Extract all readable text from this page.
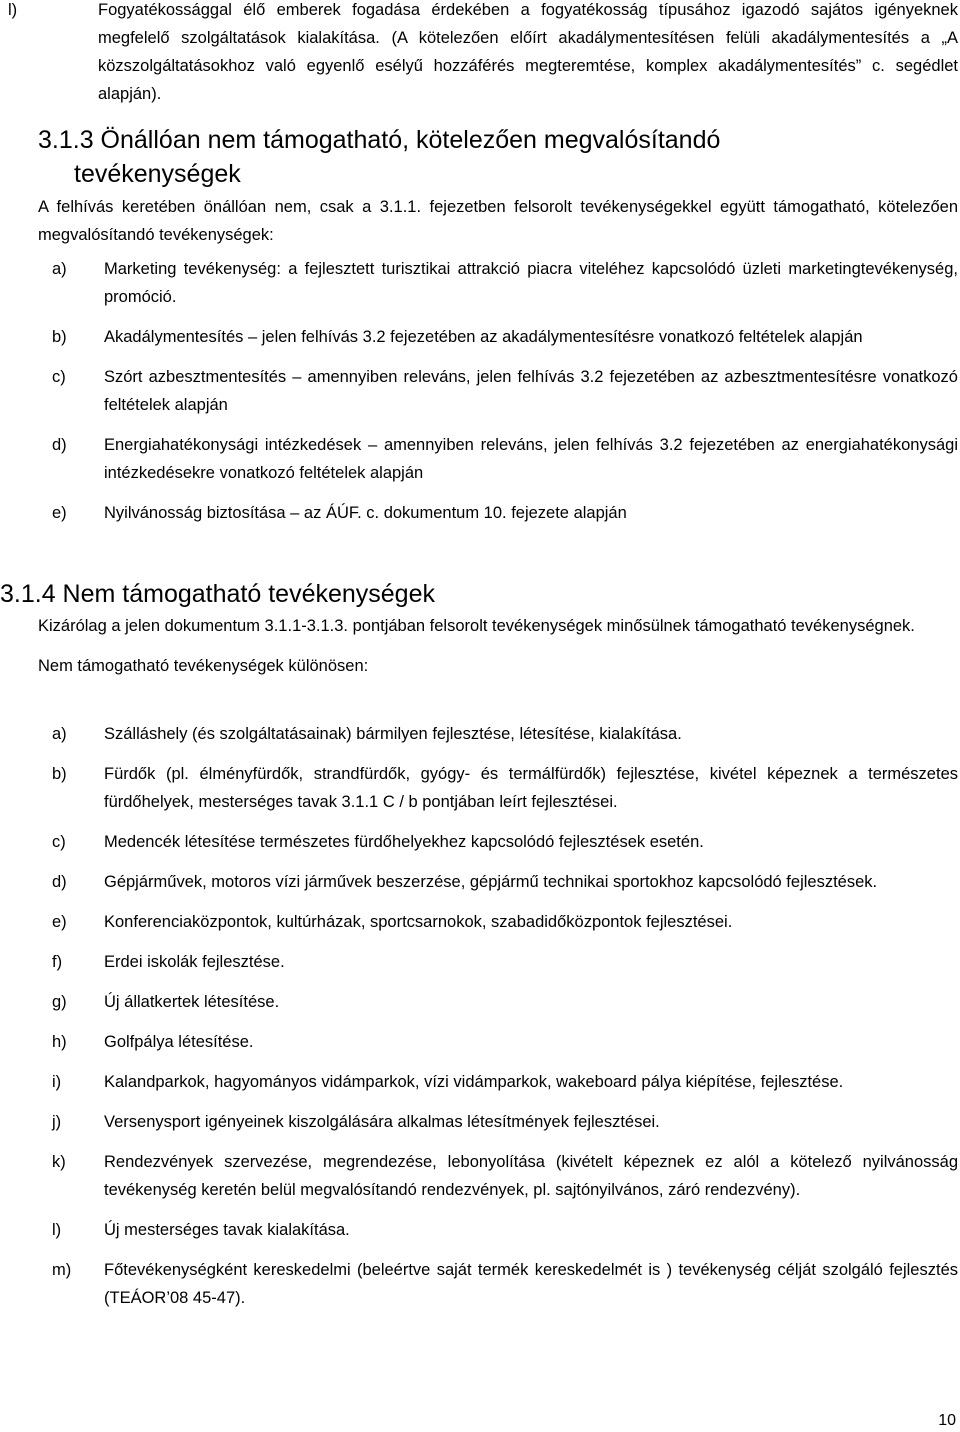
l)	Fogyatékossággal élő emberek fogadása érdekében a fogyatékosság típusához igazodó sajátos igényeknek megfelelő szolgáltatások kialakítása. (A kötelezően előírt akadálymentesítésen felüli akadálymentesítés a „A közszolgáltatásokhoz való egyenlő esélyű hozzáférés megteremtése, komplex akadálymentesítés” c. segédlet alapján).
3.1.3 Önállóan nem támogatható, kötelezően megvalósítandó
tevékenységek

A felhívás keretében önállóan nem, csak a 3.1.1. fejezetben felsorolt tevékenységekkel együtt támogatható, kötelezően megvalósítandó tevékenységek:

a)	Marketing tevékenység: a fejlesztett turisztikai attrakció piacra viteléhez kapcsolódó üzleti marketingtevékenység, promóció.
b)	Akadálymentesítés – jelen felhívás 3.2 fejezetében az akadálymentesítésre vonatkozó feltételek alapján
c)	Szórt azbesztmentesítés – amennyiben releváns, jelen felhívás 3.2 fejezetében az azbesztmentesítésre vonatkozó feltételek alapján
d)	Energiahatékonysági intézkedések – amennyiben releváns, jelen felhívás 3.2 fejezetében az energiahatékonysági intézkedésekre vonatkozó feltételek alapján
e)	Nyilvánosság biztosítása – az ÁÚF. c. dokumentum 10. fejezete alapján
3.1.4 Nem támogatható tevékenységek

Kizárólag a jelen dokumentum 3.1.1-3.1.3. pontjában felsorolt tevékenységek minősülnek támogatható tevékenységnek.

Nem támogatható tevékenységek különösen:

a)	Szálláshely (és szolgáltatásainak) bármilyen fejlesztése, létesítése, kialakítása.
b)	Fürdők (pl. élményfürdők, strandfürdők, gyógy- és termálfürdők) fejlesztése, kivétel képeznek a természetes fürdőhelyek, mesterséges tavak 3.1.1 C / b pontjában leírt fejlesztései.
c)	Medencék létesítése természetes fürdőhelyekhez kapcsolódó fejlesztések esetén.
d)	Gépjárművek, motoros vízi járművek beszerzése, gépjármű technikai sportokhoz kapcsolódó fejlesztések.
e)	Konferenciaközpontok, kultúrházak, sportcsarnokok, szabadidőközpontok fejlesztései.
f)	Erdei iskolák fejlesztése.
g)	Új állatkertek létesítése.
h)	Golfpálya létesítése.
i)	Kalandparkok, hagyományos vidámparkok, vízi vidámparkok, wakeboard pálya kiépítése, fejlesztése.
j)	Versenysport igényeinek kiszolgálására alkalmas létesítmények fejlesztései.
k)	Rendezvények szervezése, megrendezése, lebonyolítása (kivételt képeznek ez alól a kötelező nyilvánosság tevékenység keretén belül megvalósítandó rendezvények, pl. sajtónyilvános, záró rendezvény).
l)	Új mesterséges tavak kialakítása.
m)	Főtevékenységként kereskedelmi (beleértve saját termék kereskedelmét is ) tevékenység célját szolgáló fejlesztés (TEÁOR’08 45-47).
10
